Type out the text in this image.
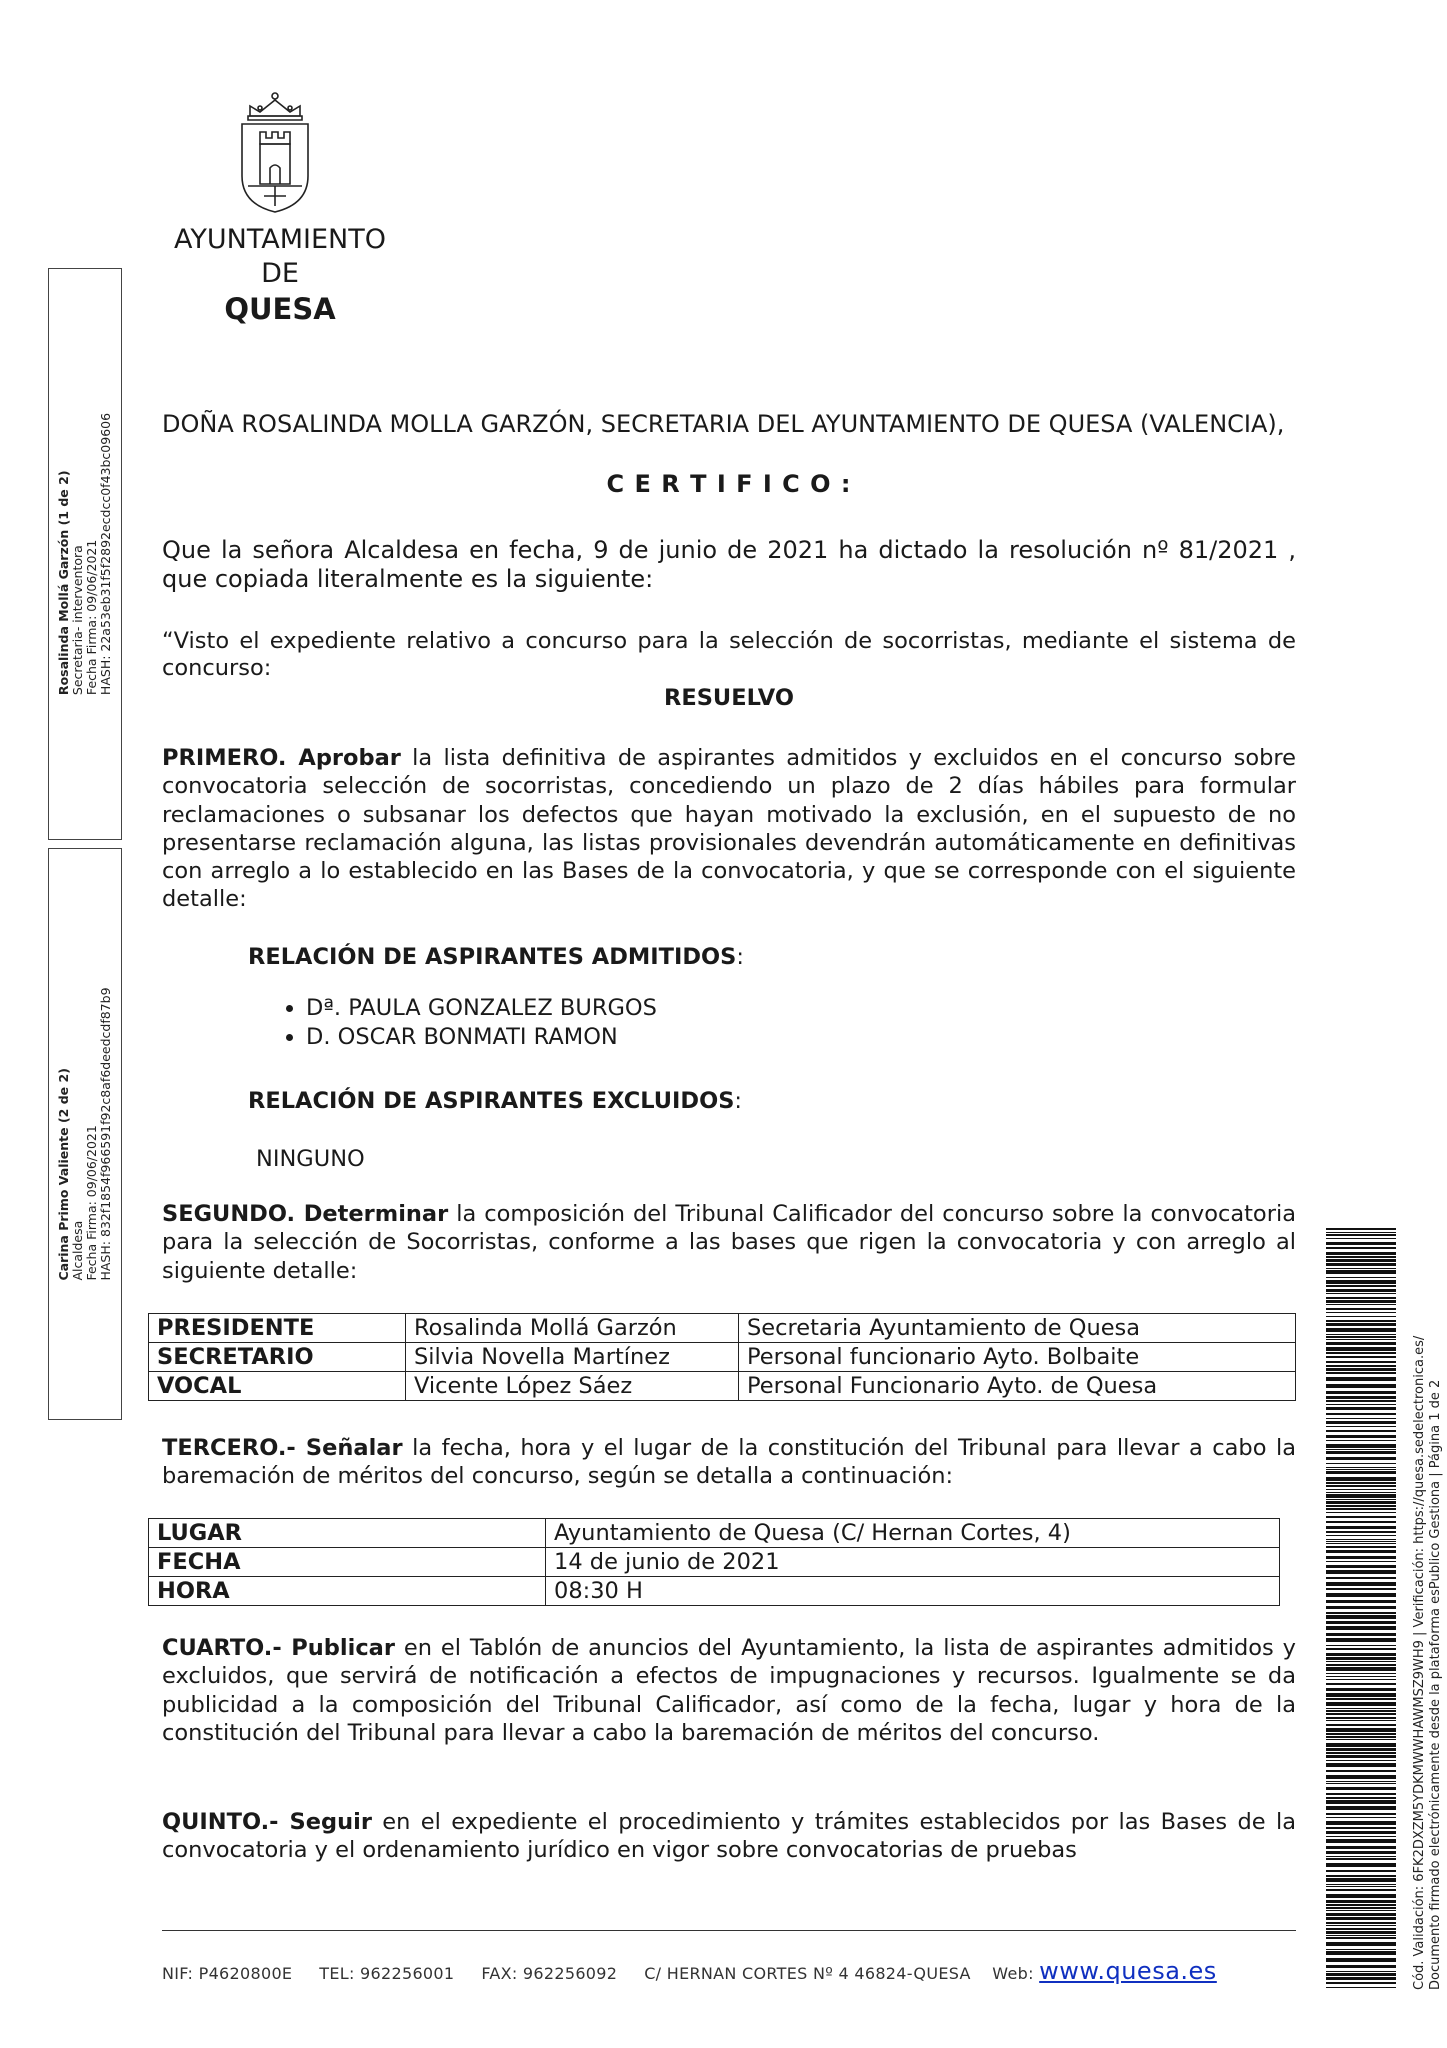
AYUNTAMIENTO
DE
QUESA
Rosalinda Mollá Garzón (1 de 2) Secretaria- interventora Fecha Firma: 09/06/2021 HASH: 22a53eb31f5f2892ecdcc0f43bc09606
Carina Primo Valiente (2 de 2) Alcaldesa Fecha Firma: 09/06/2021 HASH: 832f1854f966591f92c8af6deedcdf87b9
DOÑA ROSALINDA MOLLA GARZÓN, SECRETARIA DEL AYUNTAMIENTO DE QUESA (VALENCIA),
C E R T I F I C O :
Que la señora Alcaldesa en fecha, 9 de junio de 2021 ha dictado la resolución nº 81/2021 , que copiada literalmente es la siguiente:
“Visto el expediente relativo a concurso para la selección de socorristas, mediante el sistema de concurso:
RESUELVO
PRIMERO. Aprobar la lista definitiva de aspirantes admitidos y excluidos en el concurso sobre convocatoria selección de socorristas, concediendo un plazo de 2 días hábiles para formular reclamaciones o subsanar los defectos que hayan motivado la exclusión, en el supuesto de no presentarse reclamación alguna, las listas provisionales devendrán automáticamente en definitivas con arreglo a lo establecido en las Bases de la convocatoria, y que se corresponde con el siguiente detalle:
RELACIÓN DE ASPIRANTES ADMITIDOS:
• Dª. PAULA GONZALEZ BURGOS
• D. OSCAR BONMATI RAMON
RELACIÓN DE ASPIRANTES EXCLUIDOS:
NINGUNO
SEGUNDO. Determinar la composición del Tribunal Calificador del concurso sobre la convocatoria para la selección de Socorristas, conforme a las bases que rigen la convocatoria y con arreglo al siguiente detalle:
PRESIDENTE	Rosalinda Mollá Garzón	Secretaria Ayuntamiento de Quesa
SECRETARIO	Silvia Novella Martínez	Personal funcionario Ayto. Bolbaite
VOCAL	Vicente López Sáez	Personal Funcionario Ayto. de Quesa
TERCERO.- Señalar la fecha, hora y el lugar de la constitución del Tribunal para llevar a cabo la baremación de méritos del concurso, según se detalla a continuación:
LUGAR	Ayuntamiento de Quesa (C/ Hernan Cortes, 4)
FECHA	14 de junio de 2021
HORA	08:30 H
CUARTO.- Publicar en el Tablón de anuncios del Ayuntamiento, la lista de aspirantes admitidos y excluidos, que servirá de notificación a efectos de impugnaciones y recursos. Igualmente se da publicidad a la composición del Tribunal Calificador, así como de la fecha, lugar y hora de la constitución del Tribunal para llevar a cabo la baremación de méritos del concurso.
QUINTO.- Seguir en el expediente el procedimiento y trámites establecidos por las Bases de la convocatoria y el ordenamiento jurídico en vigor sobre convocatorias de pruebas
NIF: P4620800E TEL: 962256001 FAX: 962256092 C/ HERNAN CORTES Nº 4 46824-QUESA Web: www.quesa.es	Cód. Validación: 6FK2DXZM5YDKMWWHAWMSZ9WH9 | Verificación: https://quesa.sedelectronica.es/ Documento firmado electrónicamente desde la plataforma esPublico Gestiona | Página 1 de 2
